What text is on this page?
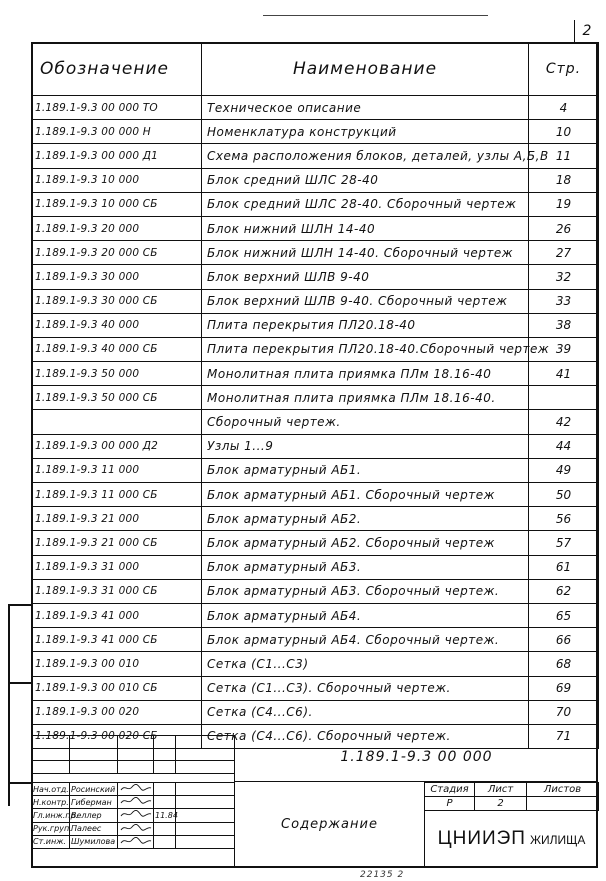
2
Обозначение	Наименование	Стр.
1.189.1-9.3 00 000 ТО	Техническое описание	4
1.189.1-9.3 00 000 Н	Номенклатура конструкций	10
1.189.1-9.3 00 000 Д1	Схема расположения блоков, деталей, узлы А,Б,В	11
1.189.1-9.3 10 000	Блок средний ШЛС 28-40	18
1.189.1-9.3 10 000 СБ	Блок средний ШЛС 28-40. Сборочный чертеж	19
1.189.1-9.3 20 000	Блок нижний ШЛН 14-40	26
1.189.1-9.3 20 000 СБ	Блок нижний ШЛН 14-40. Сборочный чертеж	27
1.189.1-9.3 30 000	Блок верхний ШЛВ 9-40	32
1.189.1-9.3 30 000 СБ	Блок верхний ШЛВ 9-40. Сборочный чертеж	33
1.189.1-9.3 40 000	Плита перекрытия ПЛ20.18-40	38
1.189.1-9.3 40 000 СБ	Плита перекрытия ПЛ20.18-40.Сборочный чертеж	39
1.189.1-9.3 50 000	Монолитная плита приямка ПЛм 18.16-40	41
1.189.1-9.3 50 000 СБ	Монолитная плита приямка ПЛм 18.16-40.	
	Сборочный чертеж.	42
1.189.1-9.3 00 000 Д2	Узлы 1...9	44
1.189.1-9.3 11 000	Блок арматурный АБ1.	49
1.189.1-9.3 11 000 СБ	Блок арматурный АБ1. Сборочный чертеж	50
1.189.1-9.3 21 000	Блок арматурный АБ2.	56
1.189.1-9.3 21 000 СБ	Блок арматурный АБ2. Сборочный чертеж	57
1.189.1-9.3 31 000	Блок арматурный АБ3.	61
1.189.1-9.3 31 000 СБ	Блок арматурный АБ3. Сборочный чертеж.	62
1.189.1-9.3 41 000	Блок арматурный АБ4.	65
1.189.1-9.3 41 000 СБ	Блок арматурный АБ4. Сборочный чертеж.	66
1.189.1-9.3 00 010	Сетка (С1...С3)	68
1.189.1-9.3 00 010 СБ	Сетка (С1...С3). Сборочный чертеж.	69
1.189.1-9.3 00 020	Сетка (С4...С6).	70
1.189.1-9.3 00 020 СБ	Сетка (С4...С6). Сборочный чертеж.	71

Нач.отд.	Росинский			
Н.контр.	Гиберман			
Гл.инж.пр.	Веллер		11.84	
Рук.груп.	Палеес			
Ст.инж.	Шумилова			
1.189.1-9.3 00 000
Содержание
Стадия	Лист	Листов
Р	2	
ЦНИИЭП ЖИЛИЩА
22135 2
